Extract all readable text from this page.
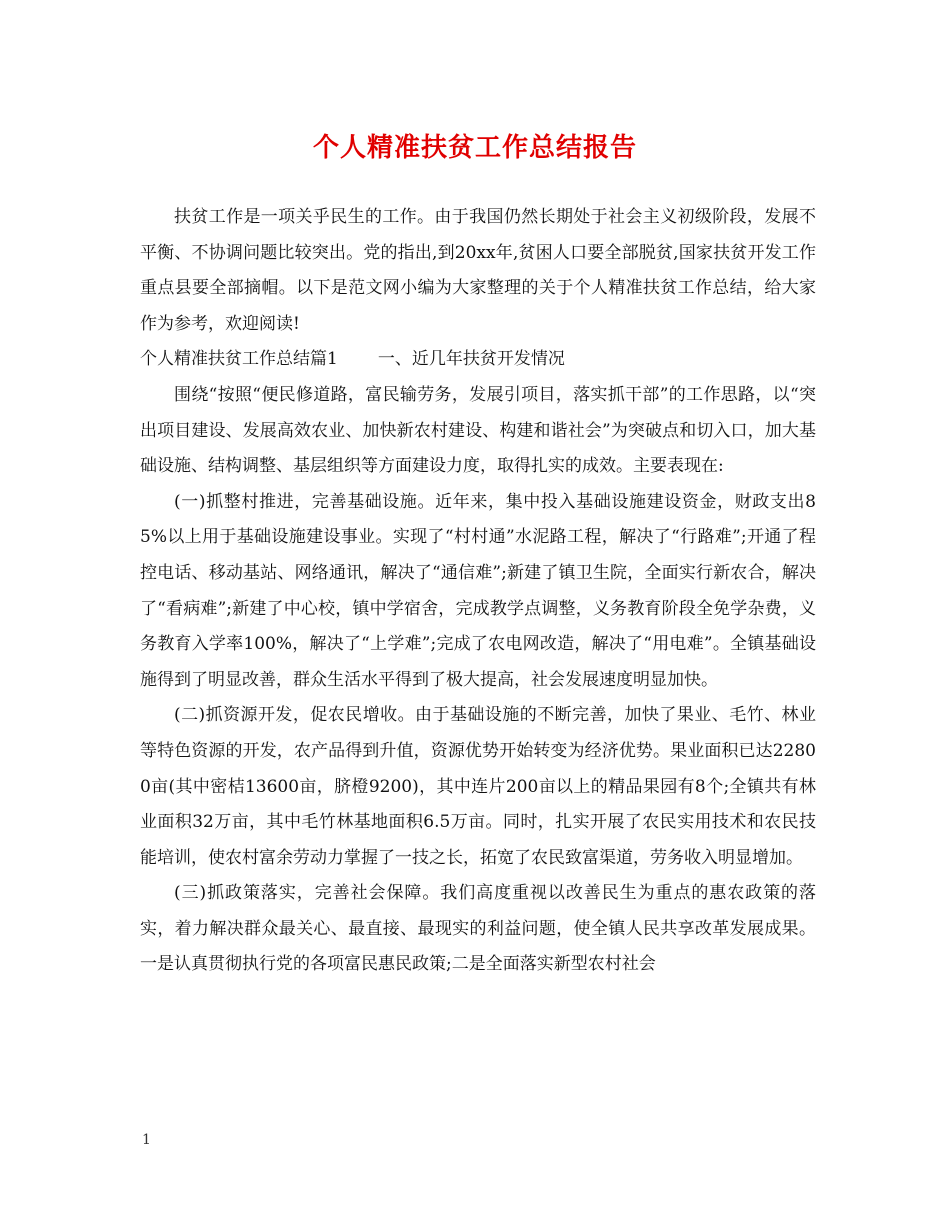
个人精准扶贫工作总结报告

扶贫工作是一项关乎民生的工作。由于我国仍然长期处于社会主义初级阶段，发展不平衡、不协调问题比较突出。党的指出,到20xx年,贫困人口要全部脱贫,国家扶贫开发工作重点县要全部摘帽。以下是范文网小编为大家整理的关于个人精准扶贫工作总结，给大家作为参考，欢迎阅读!

个人精准扶贫工作总结篇1 一、近几年扶贫开发情况

围绕“按照“便民修道路，富民输劳务，发展引项目，落实抓干部”的工作思路，以“突出项目建设、发展高效农业、加快新农村建设、构建和谐社会”为突破点和切入口，加大基础设施、结构调整、基层组织等方面建设力度，取得扎实的成效。主要表现在:

(一)抓整村推进，完善基础设施。近年来，集中投入基础设施建设资金，财政支出85%以上用于基础设施建设事业。实现了“村村通”水泥路工程，解决了“行路难”;开通了程控电话、移动基站、网络通讯，解决了“通信难”;新建了镇卫生院，全面实行新农合，解决了“看病难”;新建了中心校，镇中学宿舍，完成教学点调整，义务教育阶段全免学杂费，义务教育入学率100%，解决了“上学难”;完成了农电网改造，解决了“用电难”。全镇基础设施得到了明显改善，群众生活水平得到了极大提高，社会发展速度明显加快。

(二)抓资源开发，促农民增收。由于基础设施的不断完善，加快了果业、毛竹、林业等特色资源的开发，农产品得到升值，资源优势开始转变为经济优势。果业面积已达22800亩(其中密桔13600亩，脐橙9200)，其中连片200亩以上的精品果园有8个;全镇共有林业面积32万亩，其中毛竹林基地面积6.5万亩。同时，扎实开展了农民实用技术和农民技能培训，使农村富余劳动力掌握了一技之长，拓宽了农民致富渠道，劳务收入明显增加。

(三)抓政策落实，完善社会保障。我们高度重视以改善民生为重点的惠农政策的落实，着力解决群众最关心、最直接、最现实的利益问题，使全镇人民共享改革发展成果。一是认真贯彻执行党的各项富民惠民政策;二是全面落实新型农村社会

1
